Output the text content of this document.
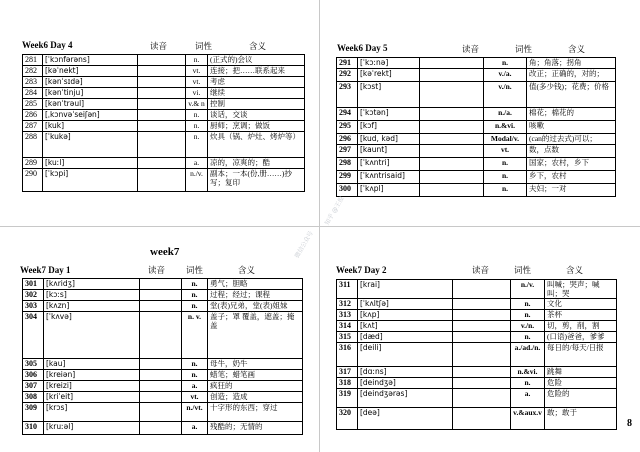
Week6 Day 4	读音	词性	含义
281	[ˈkɔnfərəns]		n.	(正式的)会议
282	[kəˈnekt]		vt.	连接；把……联系起来
283	[kənˈsɪdə]		vt.	考虑
284	[kənˈtinju]		vi.	继续
285	[kənˈtrəul]		v.& n	控制
286	[ˌkɔnvəˈseiʃən]		n.	谈话，交谈
287	[kuk]		n.	厨师；烹调；做饭
288	[ˈkukə]		n.	炊具（锅、炉灶、烤炉等）
289	[kuːl]		a.	凉的，凉爽的；酷
290	[ˈkɔpi]		n./v.	副本；一本(份,册……)抄写；复印
Week6 Day 5	读音	词性	含义
291	[ˈkɔːnə]		n.	角；角落；拐角
292	[kəˈrekt]		v./a.	改正；正确的，对的；
293	[kɔst]		v./n.	值(多少钱)；花费；价格
294	[ˈkɔtən]		n./a.	棉花；棉花的
295	[kɔf]		n.&vi.	咳嗽
296	[kud, kəd]		Modal/v.	(can的过去式)可以；
297	[kaunt]		vt.	数，点数
298	[ˈkʌntri]		n.	国家；农村，乡下
299	[ˈkʌntrisaid]		n.	乡下，农村
300	[ˈkʌpl]		n.	夫妇；一对
week7
Week7 Day 1	读音 词性	含义
301	[kʌridʒ]		n.	勇气；胆略
302	[kɔːs]		n.	过程；经过；课程
303	[kʌzn]		n.	堂(表)兄弟，堂(表)姐妹
304	[ˈkʌvə]		n. v.	盖子；罩 覆盖，遮盖；掩盖
305	[kau]		n.	母牛，奶牛
306	[kreiən]		n.	蜡笔；蜡笔画
307	[kreizi]		a.	疯狂的
308	[kriˈeit]		vt.	创造；造成
309	[krɔs]		n./vt.	十字形的东西；穿过
310	[kruːəl]		a.	残酷的；无情的
Week7 Day 2	读音	词性	含义
311	[krai]		n./v.	叫喊；哭声；喊叫；哭
312	[ˈkʌltʃə]		n.	文化
313	[kʌp]		n.	茶杯
314	[kʌt]		v./n.	切，剪，削，割
315	[dæd]		n.	(口语)爸爸，爹爹
316	[deili]		a./ad./n.	每日的/每天/日报
317	[dɑːns]		n.&vi.	跳舞
318	[deindʒə]		n.	危险
319	[deindʒərəs]		a.	危险的
320	[deə]		v.&aux.v	敢；敢于
8
微信公众号
知乎 @王俊
